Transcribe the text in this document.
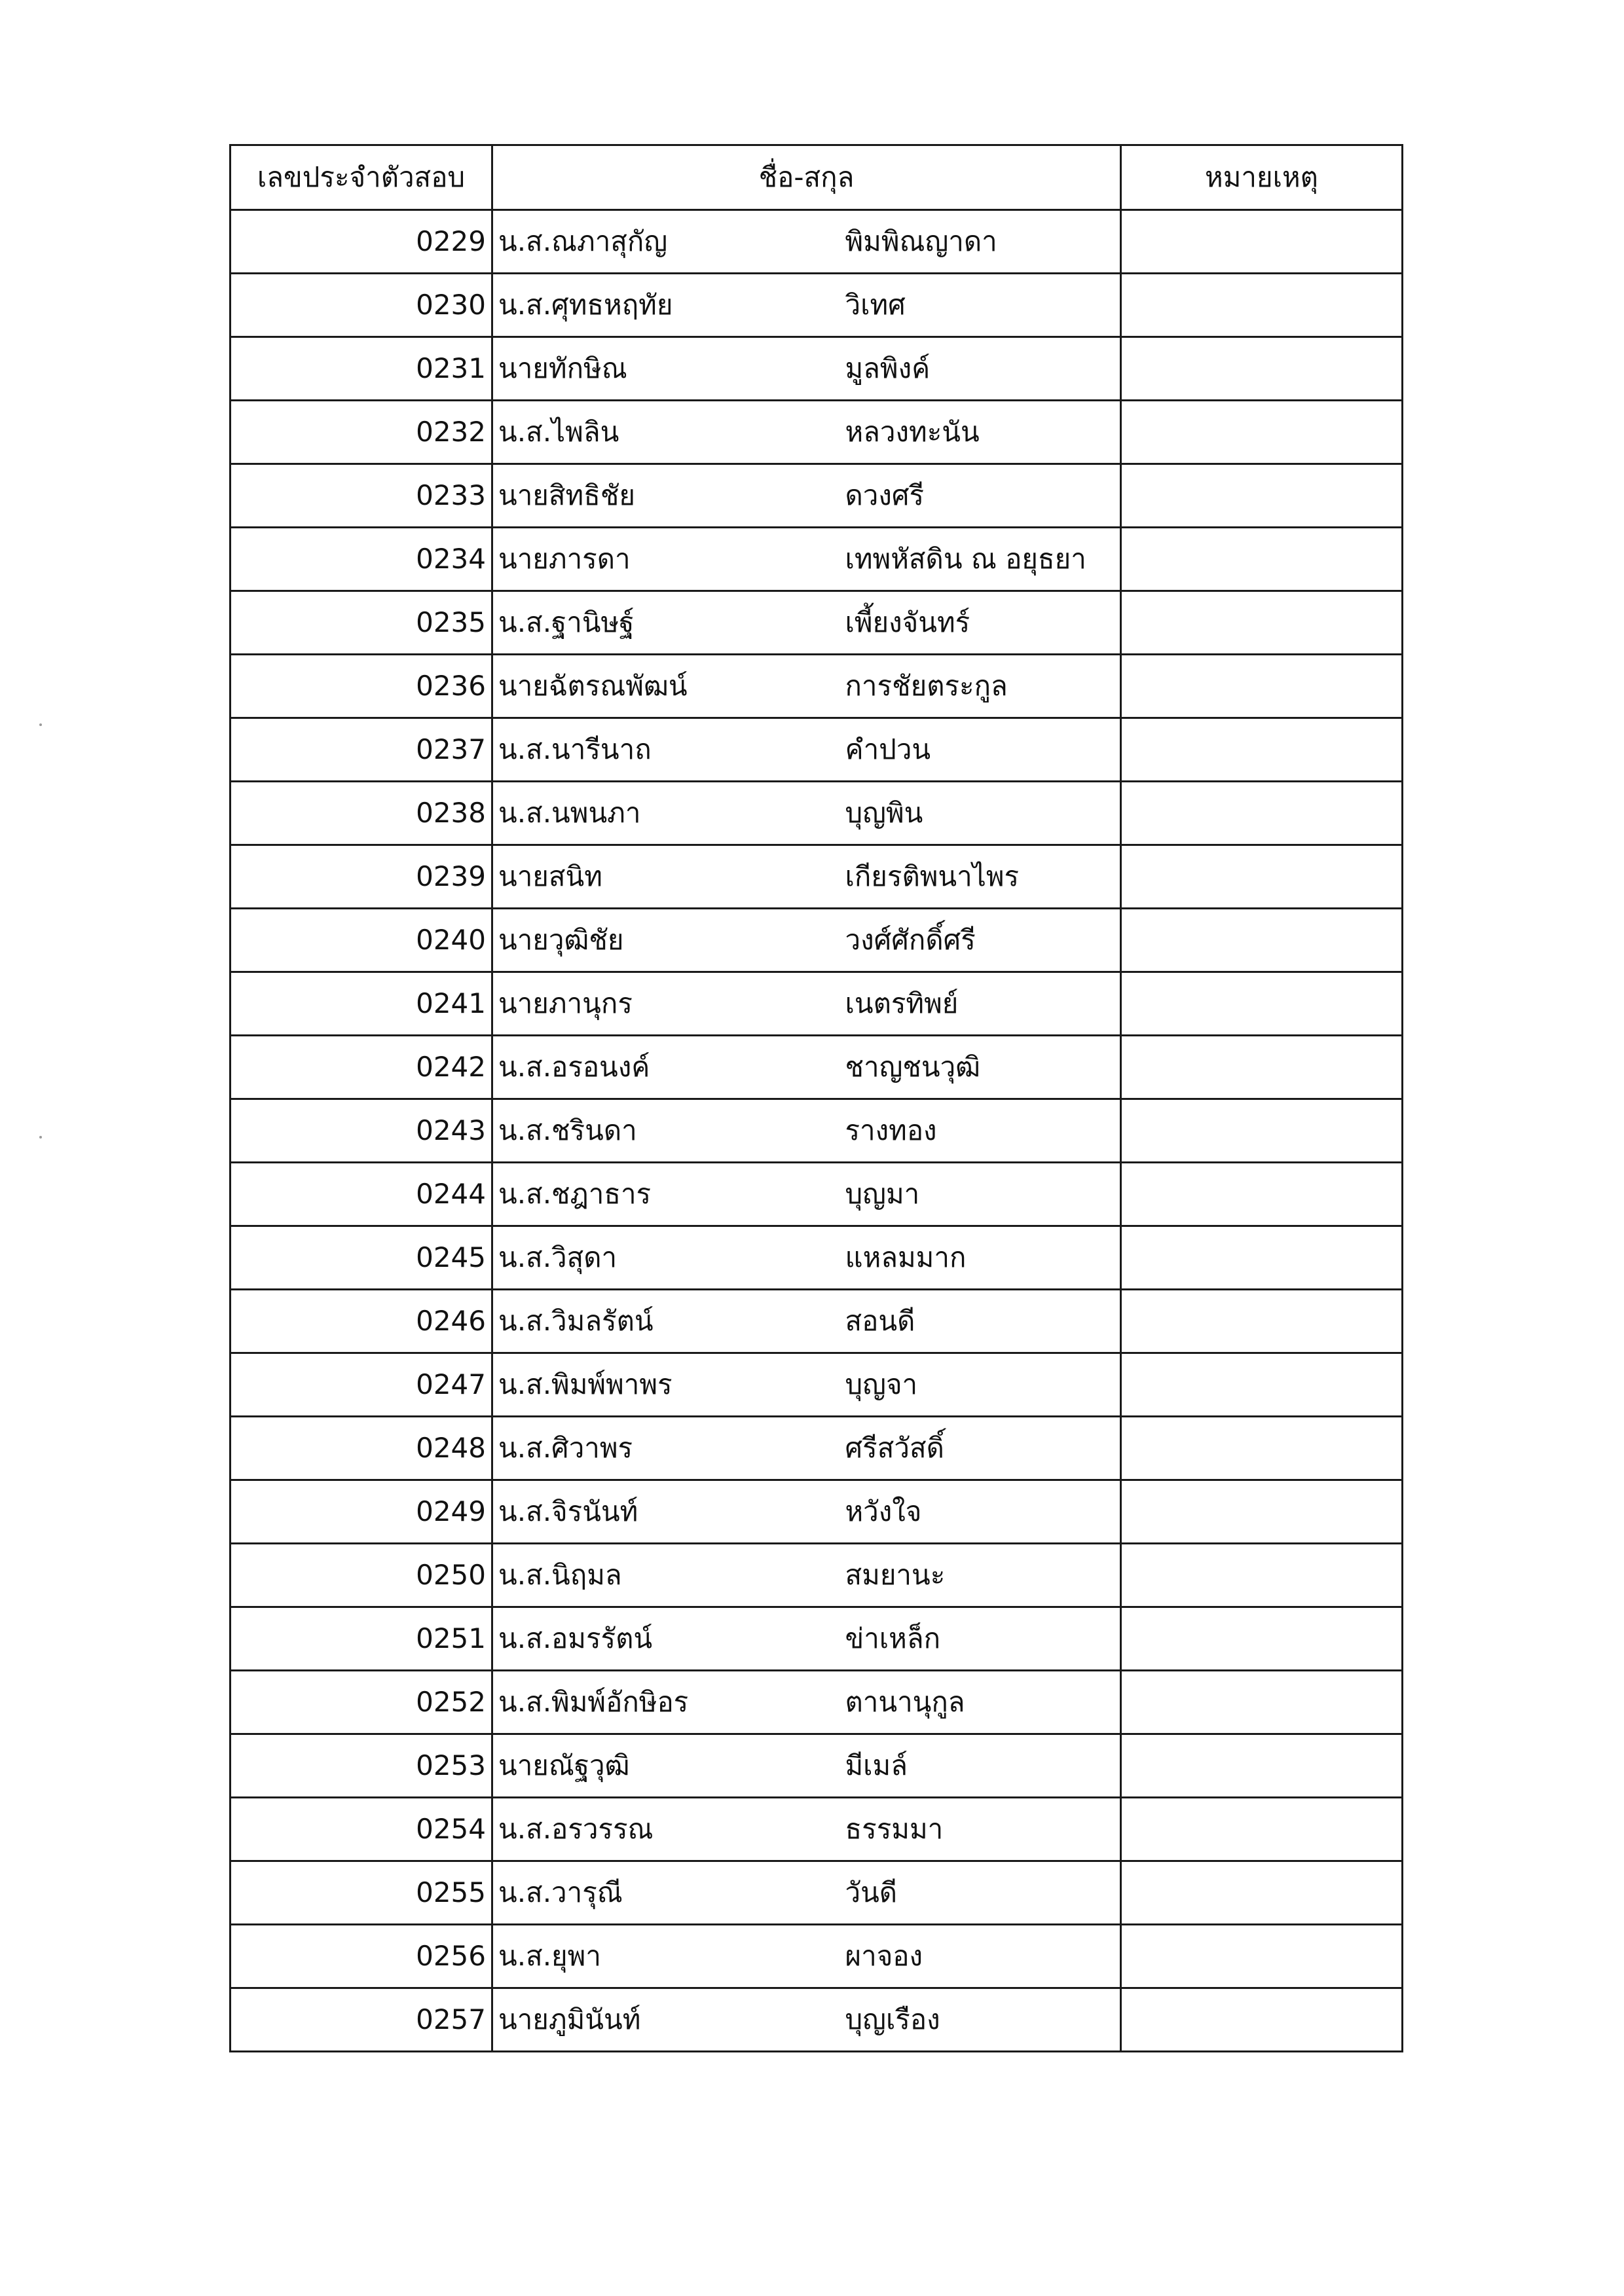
เลขประจำตัวสอบ	ชื่อ-สกุล		หมายเหตุ
0229	น.ส.ณภาสุกัญ	พิมพิณญาดา	
0230	น.ส.ศุทธหฤทัย	วิเทศ	
0231	นายทักษิณ	มูลพิงค์	
0232	น.ส.ไพลิน	หลวงทะนัน	
0233	นายสิทธิชัย	ดวงศรี	
0234	นายภารดา	เทพหัสดิน ณ อยุธยา	
0235	น.ส.ฐานิษฐ์	เพี้ยงจันทร์	
0236	นายฉัตรณพัฒน์	การชัยตระกูล	
0237	น.ส.นารีนาถ	คำปวน	
0238	น.ส.นพนภา	บุญพิน	
0239	นายสนิท	เกียรติพนาไพร	
0240	นายวุฒิชัย	วงศ์ศักดิ์ศรี	
0241	นายภานุกร	เนตรทิพย์	
0242	น.ส.อรอนงค์	ชาญชนวุฒิ	
0243	น.ส.ชรินดา	รางทอง	
0244	น.ส.ชฎาธาร	บุญมา	
0245	น.ส.วิสุดา	แหลมมาก	
0246	น.ส.วิมลรัตน์	สอนดี	
0247	น.ส.พิมพ์พาพร	บุญจา	
0248	น.ส.ศิวาพร	ศรีสวัสดิ์	
0249	น.ส.จิรนันท์	หวังใจ	
0250	น.ส.นิฤมล	สมยานะ	
0251	น.ส.อมรรัตน์	ข่าเหล็ก	
0252	น.ส.พิมพ์อักษิอร	ตานานุกูล	
0253	นายณัฐวุฒิ	มีเมล์	
0254	น.ส.อรวรรณ	ธรรมมา	
0255	น.ส.วารุณี	วันดี	
0256	น.ส.ยุพา	ผาจอง	
0257	นายภูมินันท์	บุญเรือง	
